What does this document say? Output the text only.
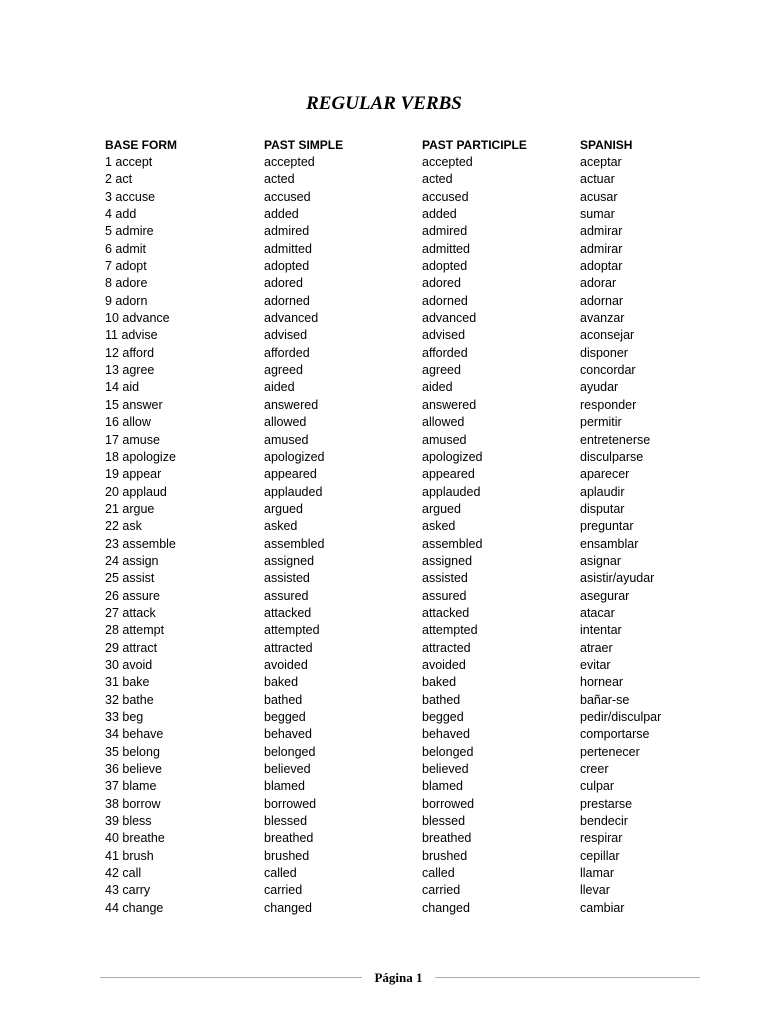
REGULAR VERBS
BASE FORM	PAST SIMPLE	PAST PARTICIPLE	SPANISH
1 accept	accepted	accepted	aceptar
2 act	acted	acted	actuar
3 accuse	accused	accused	acusar
4 add	added	added	sumar
5 admire	admired	admired	admirar
6 admit	admitted	admitted	admirar
7 adopt	adopted	adopted	adoptar
8 adore	adored	adored	adorar
9 adorn	adorned	adorned	adornar
10 advance	advanced	advanced	avanzar
11 advise	advised	advised	aconsejar
12 afford	afforded	afforded	disponer
13 agree	agreed	agreed	concordar
14 aid	aided	aided	ayudar
15 answer	answered	answered	responder
16 allow	allowed	allowed	permitir
17 amuse	amused	amused	entretenerse
18 apologize	apologized	apologized	disculparse
19 appear	appeared	appeared	aparecer
20 applaud	applauded	applauded	aplaudir
21 argue	argued	argued	disputar
22 ask	asked	asked	preguntar
23 assemble	assembled	assembled	ensamblar
24 assign	assigned	assigned	asignar
25 assist	assisted	assisted	asistir/ayudar
26 assure	assured	assured	asegurar
27 attack	attacked	attacked	atacar
28 attempt	attempted	attempted	intentar
29 attract	attracted	attracted	atraer
30 avoid	avoided	avoided	evitar
31 bake	baked	baked	hornear
32 bathe	bathed	bathed	bañar-se
33 beg	begged	begged	pedir/disculpar
34 behave	behaved	behaved	comportarse
35 belong	belonged	belonged	pertenecer
36 believe	believed	believed	creer
37 blame	blamed	blamed	culpar
38 borrow	borrowed	borrowed	prestarse
39 bless	blessed	blessed	bendecir
40 breathe	breathed	breathed	respirar
41 brush	brushed	brushed	cepillar
42 call	called	called	llamar
43 carry	carried	carried	llevar
44 change	changed	changed	cambiar
Página 1
